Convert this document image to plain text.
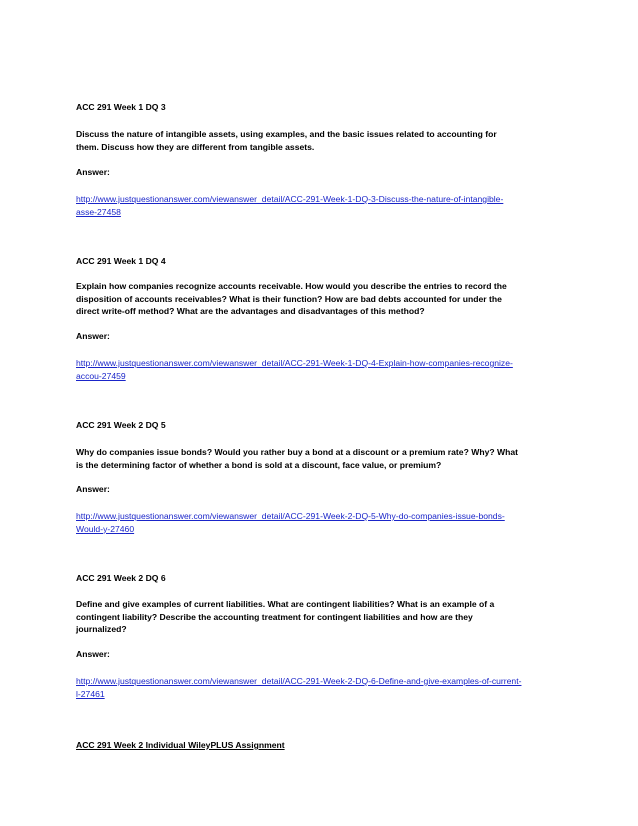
ACC 291 Week 1 DQ 3
Discuss the nature of intangible assets, using examples, and the basic issues related to accounting for
them. Discuss how they are different from tangible assets.
Answer:
http://www.justquestionanswer.com/viewanswer_detail/ACC-291-Week-1-DQ-3-Discuss-the-nature-of-intangible-
asse-27458
ACC 291 Week 1 DQ 4
Explain how companies recognize accounts receivable. How would you describe the entries to record the
disposition of accounts receivables? What is their function? How are bad debts accounted for under the
direct write-off method? What are the advantages and disadvantages of this method?
Answer:
http://www.justquestionanswer.com/viewanswer_detail/ACC-291-Week-1-DQ-4-Explain-how-companies-recognize-
accou-27459
ACC 291 Week 2 DQ 5
Why do companies issue bonds? Would you rather buy a bond at a discount or a premium rate? Why? What
is the determining factor of whether a bond is sold at a discount, face value, or premium?
Answer:
http://www.justquestionanswer.com/viewanswer_detail/ACC-291-Week-2-DQ-5-Why-do-companies-issue-bonds-
Would-y-27460
ACC 291 Week 2 DQ 6
Define and give examples of current liabilities. What are contingent liabilities? What is an example of a
contingent liability? Describe the accounting treatment for contingent liabilities and how are they
journalized?
Answer:
http://www.justquestionanswer.com/viewanswer_detail/ACC-291-Week-2-DQ-6-Define-and-give-examples-of-current-
l-27461
ACC 291 Week 2 Individual WileyPLUS Assignment
